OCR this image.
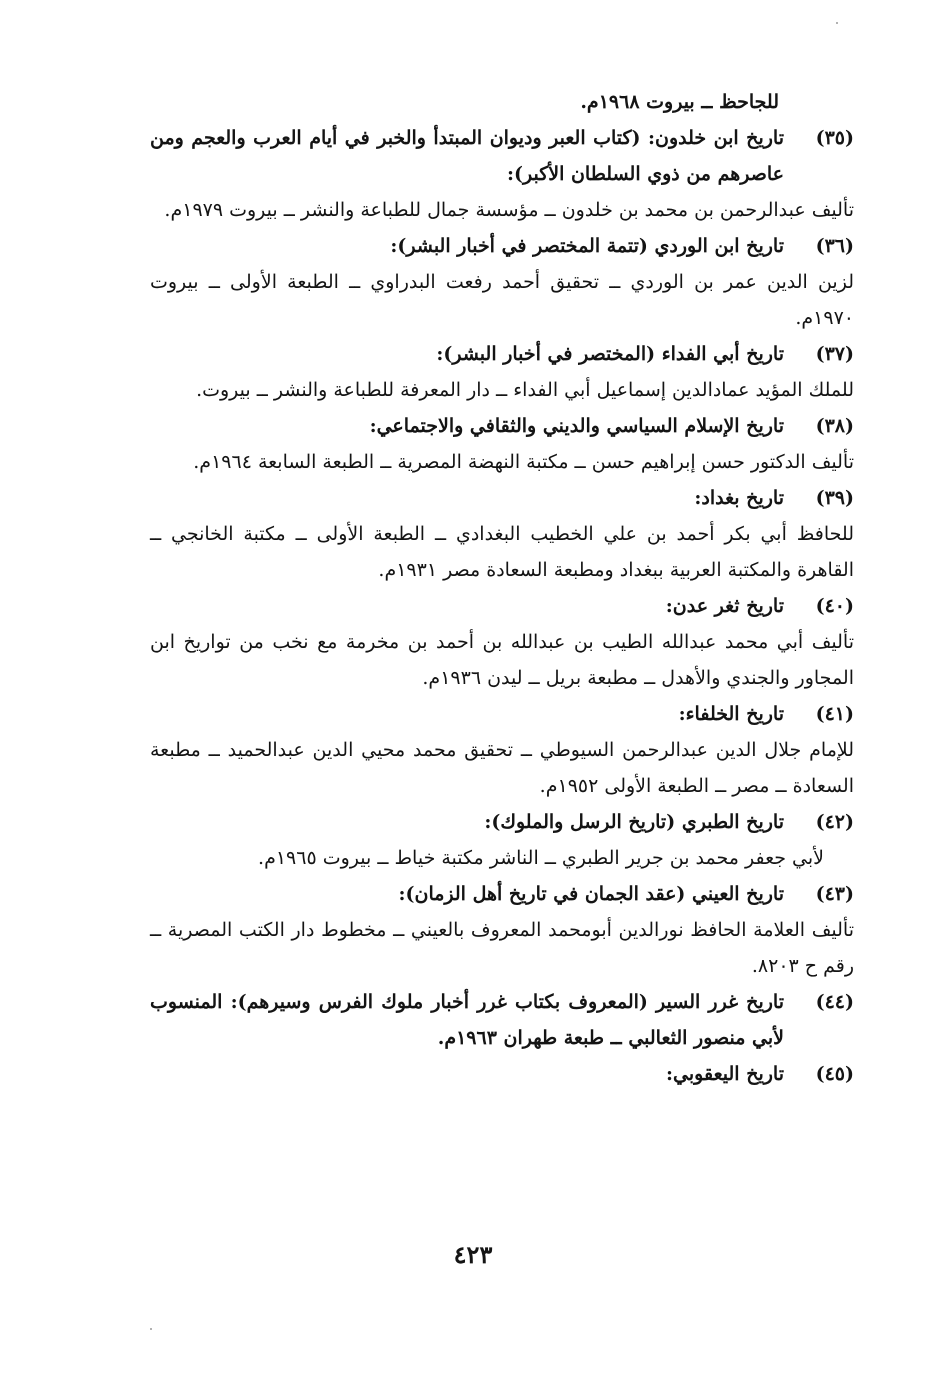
للجاحظ ــ بيروت ١٩٦٨م.
(٣٥)
تاريخ ابن خلدون: (كتاب العبر وديوان المبتدأ والخبر في أيام العرب والعجم ومن عاصرهم من ذوي السلطان الأكبر):
تأليف عبدالرحمن بن محمد بن خلدون ــ مؤسسة جمال للطباعة والنشر ــ بيروت ١٩٧٩م.
(٣٦)
تاريخ ابن الوردي (تتمة المختصر في أخبار البشر):
لزين الدين عمر بن الوردي ــ تحقيق أحمد رفعت البدراوي ــ الطبعة الأولى ــ بيروت ١٩٧٠م.
(٣٧)
تاريخ أبي الفداء (المختصر في أخبار البشر):
للملك المؤيد عمادالدين إسماعيل أبي الفداء ــ دار المعرفة للطباعة والنشر ــ بيروت.
(٣٨)
تاريخ الإسلام السياسي والديني والثقافي والاجتماعي:
تأليف الدكتور حسن إبراهيم حسن ــ مكتبة النهضة المصرية ــ الطبعة السابعة ١٩٦٤م.
(٣٩)
تاريخ بغداد:
للحافظ أبي بكر أحمد بن علي الخطيب البغدادي ــ الطبعة الأولى ــ مكتبة الخانجي ــ القاهرة والمكتبة العربية ببغداد ومطبعة السعادة مصر ١٩٣١م.
(٤٠)
تاريخ ثغر عدن:
تأليف أبي محمد عبدالله الطيب بن عبدالله بن أحمد بن مخرمة مع نخب من تواريخ ابن المجاور والجندي والأهدل ــ مطبعة بريل ــ ليدن ١٩٣٦م.
(٤١)
تاريخ الخلفاء:
للإمام جلال الدين عبدالرحمن السيوطي ــ تحقيق محمد محيي الدين عبدالحميد ــ مطبعة السعادة ــ مصر ــ الطبعة الأولى ١٩٥٢م.
(٤٢)
تاريخ الطبري (تاريخ الرسل والملوك):
لأبي جعفر محمد بن جرير الطبري ــ الناشر مكتبة خياط ــ بيروت ١٩٦٥م.
(٤٣)
تاريخ العيني (عقد الجمان في تاريخ أهل الزمان):
تأليف العلامة الحافظ نورالدين أبومحمد المعروف بالعيني ــ مخطوط دار الكتب المصرية ــ رقم ح ٨٢٠٣.
(٤٤)
تاريخ غرر السير (المعروف بكتاب غرر أخبار ملوك الفرس وسيرهم): المنسوب لأبي منصور الثعالبي ــ طبعة طهران ١٩٦٣م.
(٤٥)
تاريخ اليعقوبي:
٤٢٣
